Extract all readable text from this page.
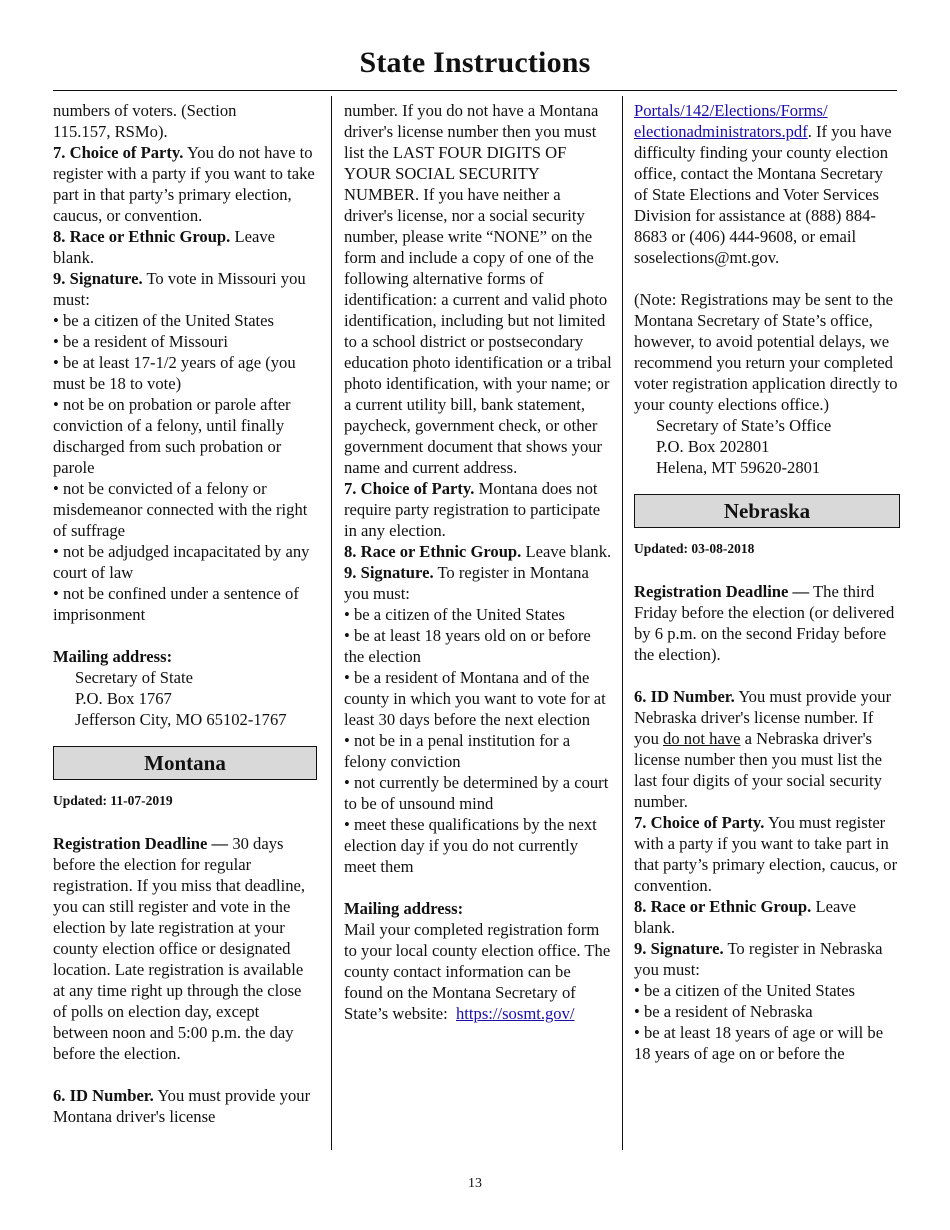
State Instructions

numbers of voters. (Section

115.157, RSMo).

7. Choice of Party. You do not have to register with a party if you want to take part in that party’s primary election, caucus, or convention.

8. Race or Ethnic Group. Leave blank.

9. Signature. To vote in Missouri you must:

• be a citizen of the United States

• be a resident of Missouri

• be at least 17-1/2 years of age (you must be 18 to vote)

• not be on probation or parole after conviction of a felony, until finally discharged from such probation or parole

• not be convicted of a felony or misdemeanor connected with the right of suffrage

• not be adjudged incapacitated by any court of law

• not be confined under a sentence of imprisonment

Mailing address:

Secretary of State

P.O. Box 1767

Jefferson City, MO 65102-1767

Montana

Updated: 11-07-2019

Registration Deadline — 30 days before the election for regular registration. If you miss that deadline, you can still register and vote in the election by late registration at your county election office or designated location. Late registration is available at any time right up through the close of polls on election day, except between noon and 5:00 p.m. the day before the election.

6. ID Number. You must provide your Montana driver's license

number. If you do not have a Montana driver's license number then you must list the LAST FOUR DIGITS OF YOUR SOCIAL SECURITY NUMBER. If you have neither a driver's license, nor a social security number, please write “NONE” on the form and include a copy of one of the following alternative forms of identification: a current and valid photo identification, including but not limited to a school district or postsecondary education photo identification or a tribal photo identification, with your name; or a current utility bill, bank statement, paycheck, government check, or other government document that shows your name and current address.

7. Choice of Party. Montana does not require party registration to participate in any election.

8. Race or Ethnic Group. Leave blank.

9. Signature. To register in Montana you must:

• be a citizen of the United States

• be at least 18 years old on or before the election

• be a resident of Montana and of the county in which you want to vote for at least 30 days before the next election

• not be in a penal institution for a felony conviction

• not currently be determined by a court to be of unsound mind

• meet these qualifications by the next election day if you do not currently meet them

Mailing address:

Mail your completed registration form to your local county election office. The county contact information can be found on the Montana Secretary of State’s website: https://sosmt.gov/

Portals/142/Elections/Forms/
electionadministrators.pdf. If you have difficulty finding your county election office, contact the Montana Secretary of State Elections and Voter Services Division for assistance at (888) 884-8683 or (406) 444-9608, or email soselections@mt.gov.

(Note: Registrations may be sent to the Montana Secretary of State’s office, however, to avoid potential delays, we recommend you return your completed voter registration application directly to your county elections office.)

Secretary of State’s Office

P.O. Box 202801

Helena, MT 59620-2801

Nebraska

Updated: 03-08-2018

Registration Deadline — The third Friday before the election (or delivered by 6 p.m. on the second Friday before the election).

6. ID Number. You must provide your Nebraska driver's license number. If you do not have a Nebraska driver's license number then you must list the last four digits of your social security number.

7. Choice of Party. You must register with a party if you want to take part in that party’s primary election, caucus, or convention.

8. Race or Ethnic Group. Leave blank.

9. Signature. To register in Nebraska you must:

• be a citizen of the United States

• be a resident of Nebraska

• be at least 18 years of age or will be 18 years of age on or before the

13
